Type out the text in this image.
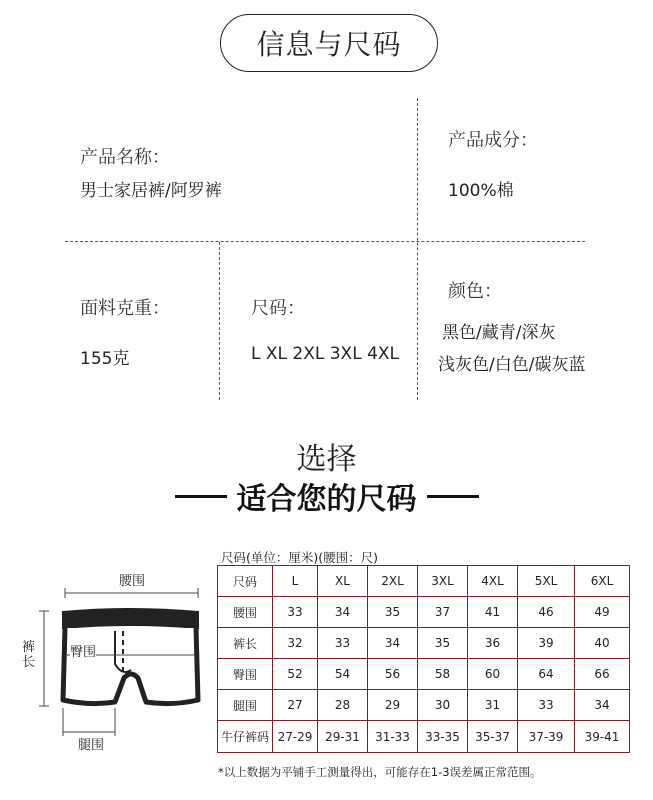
信息与尺码
产品名称：
男士家居裤/阿罗裤
产品成分：
100%棉
面料克重：
155克
尺码：
L XL 2XL 3XL 4XL
颜色：
黑色/藏青/深灰
浅灰色/白色/碳灰蓝
选择
适合您的尺码
腰围
臀围
裤长
腿围
尺码(单位：厘米)(腰围：尺)
尺码	L	XL	2XL	3XL	4XL	5XL	6XL
腰围	33	34	35	37	41	46	49
裤长	32	33	34	35	36	39	40
臀围	52	54	56	58	60	64	66
腿围	27	28	29	30	31	33	34
牛仔裤码	27-29	29-31	31-33	33-35	35-37	37-39	39-41
*以上数据为平铺手工测量得出，可能存在1-3误差属正常范围。
